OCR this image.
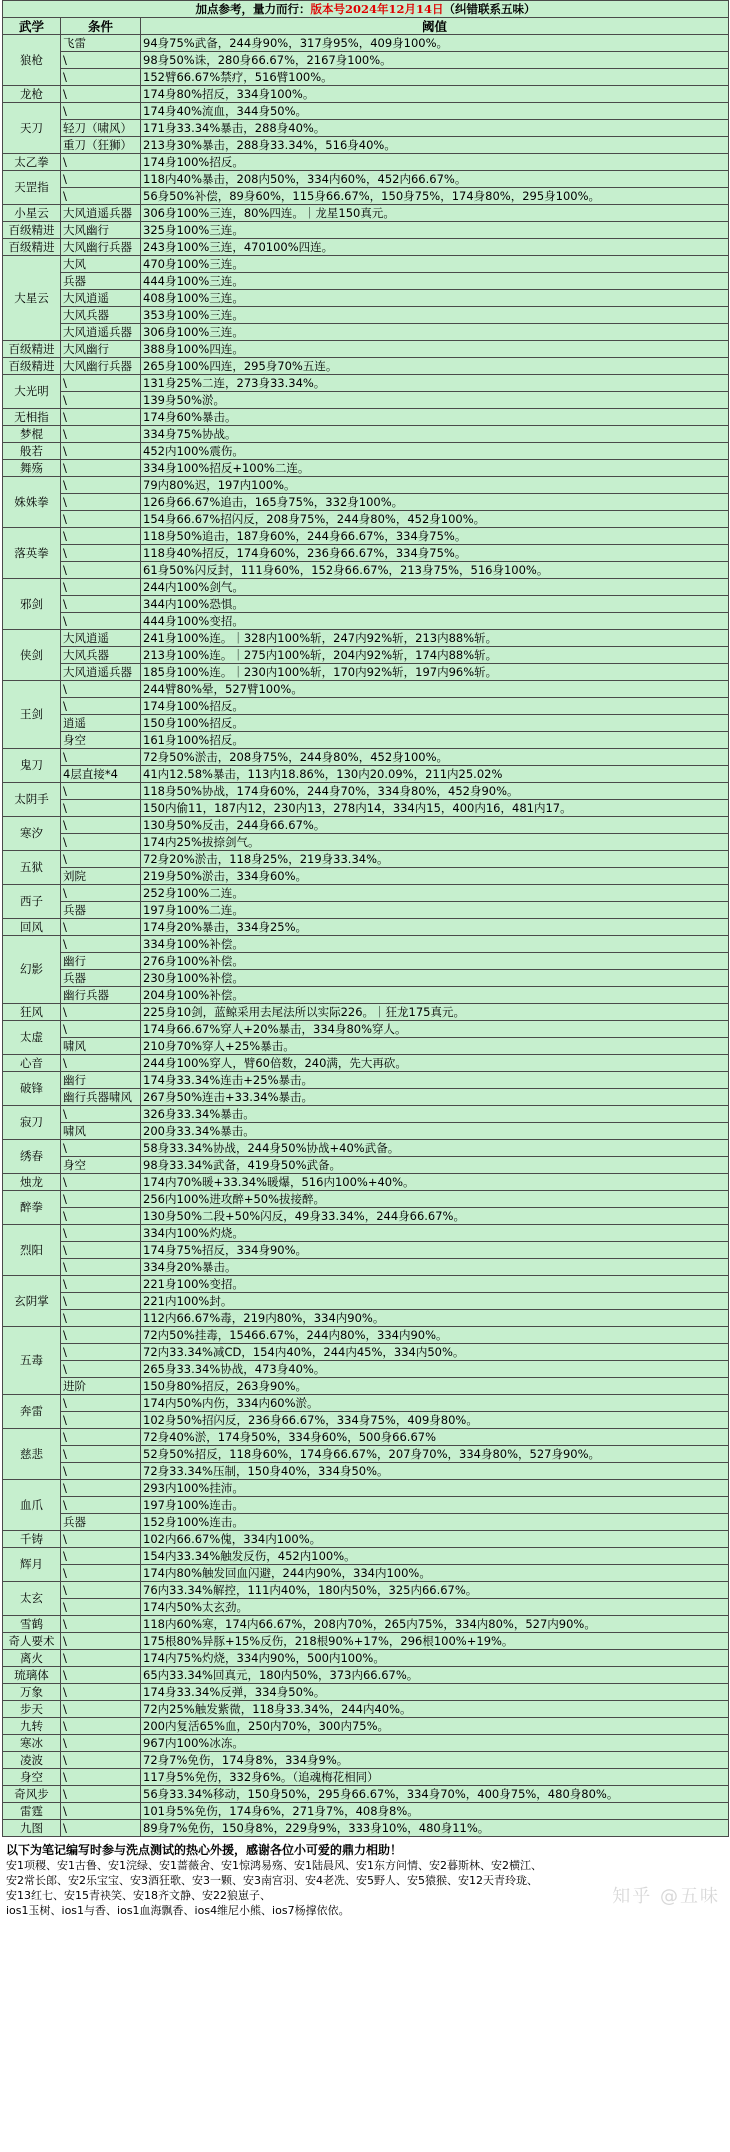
加点参考，量力而行：版本号2024年12月14日（纠错联系五味）		
武学	条件	阈值
狼枪	飞雷	94身75%武备，244身90%，317身95%，409身100%。
	\	98身50%诛，280身66.67%，2167身100%。
	\	152臂66.67%禁疗，516臂100%。
龙枪	\	174身80%招反，334身100%。
天刀	\	174身40%流血，344身50%。
	轻刀（啸风）	171身33.34%暴击，288身40%。
	重刀（狂狮）	213身30%暴击，288身33.34%，516身40%。
太乙拳	\	174身100%招反。
天罡指	\	118内40%暴击，208内50%，334内60%，452内66.67%。
	\	56身50%补偿，89身60%，115身66.67%，150身75%，174身80%，295身100%。
小星云	大风逍遥兵器	306身100%三连，80%四连。｜龙星150真元。
百级精进	大风幽行	325身100%三连。
百级精进	大风幽行兵器	243身100%三连，470100%四连。
大星云	大风	470身100%三连。
	兵器	444身100%三连。
	大风逍遥	408身100%三连。
	大风兵器	353身100%三连。
	大风逍遥兵器	306身100%三连。
百级精进	大风幽行	388身100%四连。
百级精进	大风幽行兵器	265身100%四连，295身70%五连。
大光明	\	131身25%二连，273身33.34%。
	\	139身50%淤。
无相指	\	174身60%暴击。
梦棍	\	334身75%协战。
般若	\	452内100%震伤。
舞殇	\	334身100%招反+100%二连。
姝姝拳	\	79内80%迟，197内100%。
	\	126身66.67%追击，165身75%，332身100%。
	\	154身66.67%招闪反，208身75%，244身80%，452身100%。
落英拳	\	118身50%追击，187身60%，244身66.67%，334身75%。
	\	118身40%招反，174身60%，236身66.67%，334身75%。
	\	61身50%闪反封，111身60%，152身66.67%，213身75%，516身100%。
邪剑	\	244内100%剑气。
	\	344内100%恐惧。
	\	444身100%变招。
侠剑	大风逍遥	241身100%连。｜328内100%斩，247内92%斩，213内88%斩。
	大风兵器	213身100%连。｜275内100%斩，204内92%斩，174内88%斩。
	大风逍遥兵器	185身100%连。｜230内100%斩，170内92%斩，197内96%斩。
王剑	\	244臂80%晕，527臂100%。
	\	174身100%招反。
	逍遥	150身100%招反。
	身空	161身100%招反。
鬼刀	\	72身50%淤击，208身75%，244身80%，452身100%。
	4层直接*4	41内12.58%暴击，113内18.86%，130内20.09%，211内25.02%
太阴手	\	118身50%协战，174身60%，244身70%，334身80%，452身90%。
	\	150内偷11，187内12，230内13，278内14，334内15，400内16，481内17。
寒汐	\	130身50%反击，244身66.67%。
	\	174内25%拔捺剑气。
五狱	\	72身20%淤击，118身25%，219身33.34%。
	刘院	219身50%淤击，334身60%。
西子	\	252身100%二连。
	兵器	197身100%二连。
回风	\	174身20%暴击，334身25%。
幻影	\	334身100%补偿。
	幽行	276身100%补偿。
	兵器	230身100%补偿。
	幽行兵器	204身100%补偿。
狂风	\	225身10剑，蓝鲸采用去尾法所以实际226。｜狂龙175真元。
太虚	\	174身66.67%穿人+20%暴击，334身80%穿人。
	啸风	210身70%穿人+25%暴击。
心音	\	244身100%穿人，臂60倍数，240满，先大再砍。
破锋	幽行	174身33.34%连击+25%暴击。
	幽行兵器啸风	267身50%连击+33.34%暴击。
寂刀	\	326身33.34%暴击。
	啸风	200身33.34%暴击。
绣春	\	58身33.34%协战，244身50%协战+40%武备。
	身空	98身33.34%武备，419身50%武备。
烛龙	\	174内70%暖+33.34%暖爆，516内100%+40%。
醉拳	\	256内100%进攻醉+50%拔接醉。
	\	130身50%二段+50%闪反，49身33.34%，244身66.67%。
烈阳	\	334内100%灼烧。
	\	174身75%招反，334身90%。
	\	334身20%暴击。
玄阴掌	\	221身100%变招。
	\	221内100%封。
	\	112内66.67%毒，219内80%，334内90%。
五毒	\	72内50%挂毒，15466.67%，244内80%，334内90%。
	\	72内33.34%减CD，154内40%，244内45%，334内50%。
	\	265身33.34%协战，473身40%。
	进阶	150身80%招反，263身90%。
奔雷	\	174内50%内伤，334内60%淤。
	\	102身50%招闪反，236身66.67%，334身75%，409身80%。
慈悲	\	72身40%淤，174身50%，334身60%，500身66.67%
	\	52身50%招反，118身60%，174身66.67%，207身70%，334身80%，527身90%。
	\	72身33.34%压制，150身40%，334身50%。
血爪	\	293内100%挂沛。
	\	197身100%连击。
	兵器	152身100%连击。
千铸	\	102内66.67%傀，334内100%。
辉月	\	154内33.34%触发反伤，452内100%。
	\	174内80%触发回血闪避，244内90%，334内100%。
太玄	\	76内33.34%解控，111内40%，180内50%，325内66.67%。
	\	174内50%太玄劲。
雪鹤	\	118内60%寒，174内66.67%，208内70%，265内75%，334内80%，527内90%。
奇人要术	\	175根80%异豚+15%反伤，218根90%+17%，296根100%+19%。
离火	\	174内75%灼烧，334内90%，500内100%。
琉璃体	\	65内33.34%回真元，180内50%，373内66.67%。
万象	\	174身33.34%反弹，334身50%。
步天	\	72内25%触发紫微，118身33.34%，244内40%。
九转	\	200内复活65%血，250内70%，300内75%。
寒冰	\	967内100%冰冻。
凌波	\	72身7%免伤，174身8%，334身9%。
身空	\	117身5%免伤，332身6%。（追魂梅花相同）
奇风步	\	56身33.34%移动，150身50%，295身66.67%，334身70%，400身75%，480身80%。
雷霆	\	101身5%免伤，174身6%，271身7%，408身8%。
九图	\	89身7%免伤，150身8%，229身9%，333身10%，480身11%。
以下为笔记编写时参与洗点测试的热心外援，感谢各位小可爱的鼎力相助！
安1项稷、安1古鲁、安1浣绿、安1蔷薇舍、安1惊鸿易殇、安1陆晨风、安1东方问情、安2暮斯林、安2横江、
安2常长郎、安2乐宝宝、安3酒狂歌、安3一颗、安3南宫羽、安4老冼、安5野人、安5猿猴、安12天青玲珑、
安13红七、安15青袂笑、安18齐文静、安22狼崽子、
ios1玉树、ios1与香、ios1血海飘香、ios4维尼小熊、ios7杨撑依依。
知乎 @五味
